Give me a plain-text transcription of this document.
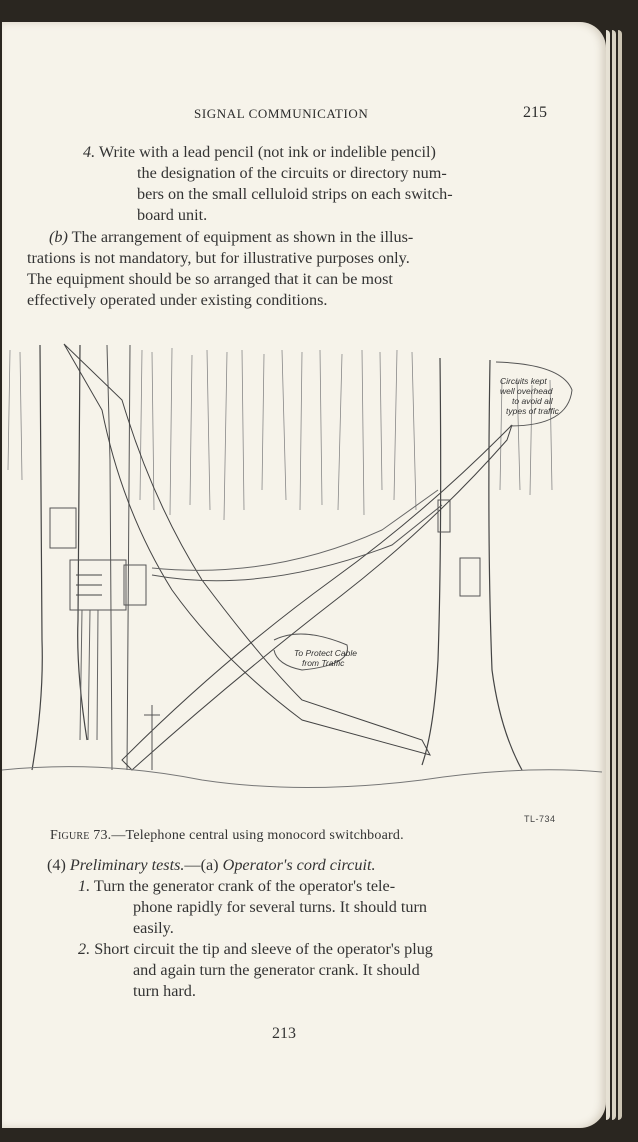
SIGNAL COMMUNICATION	215
4. Write with a lead pencil (not ink or indelible pencil)
the designation of the circuits or directory num-
bers on the small celluloid strips on each switch-
board unit.
(b) The arrangement of equipment as shown in the illus-
trations is not mandatory, but for illustrative purposes only.
The equipment should be so arranged that it can be most
effectively operated under existing conditions.
Circuits kept
well overhead
to avoid all
types of traffic
To Protect Cable
from Traffic
TL-734
Figure 73.—Telephone central using monocord switchboard.
(4) Preliminary tests.—(a) Operator's cord circuit.
1. Turn the generator crank of the operator's tele-
phone rapidly for several turns. It should turn
easily.
2. Short circuit the tip and sleeve of the operator's plug
and again turn the generator crank. It should
turn hard.
213
